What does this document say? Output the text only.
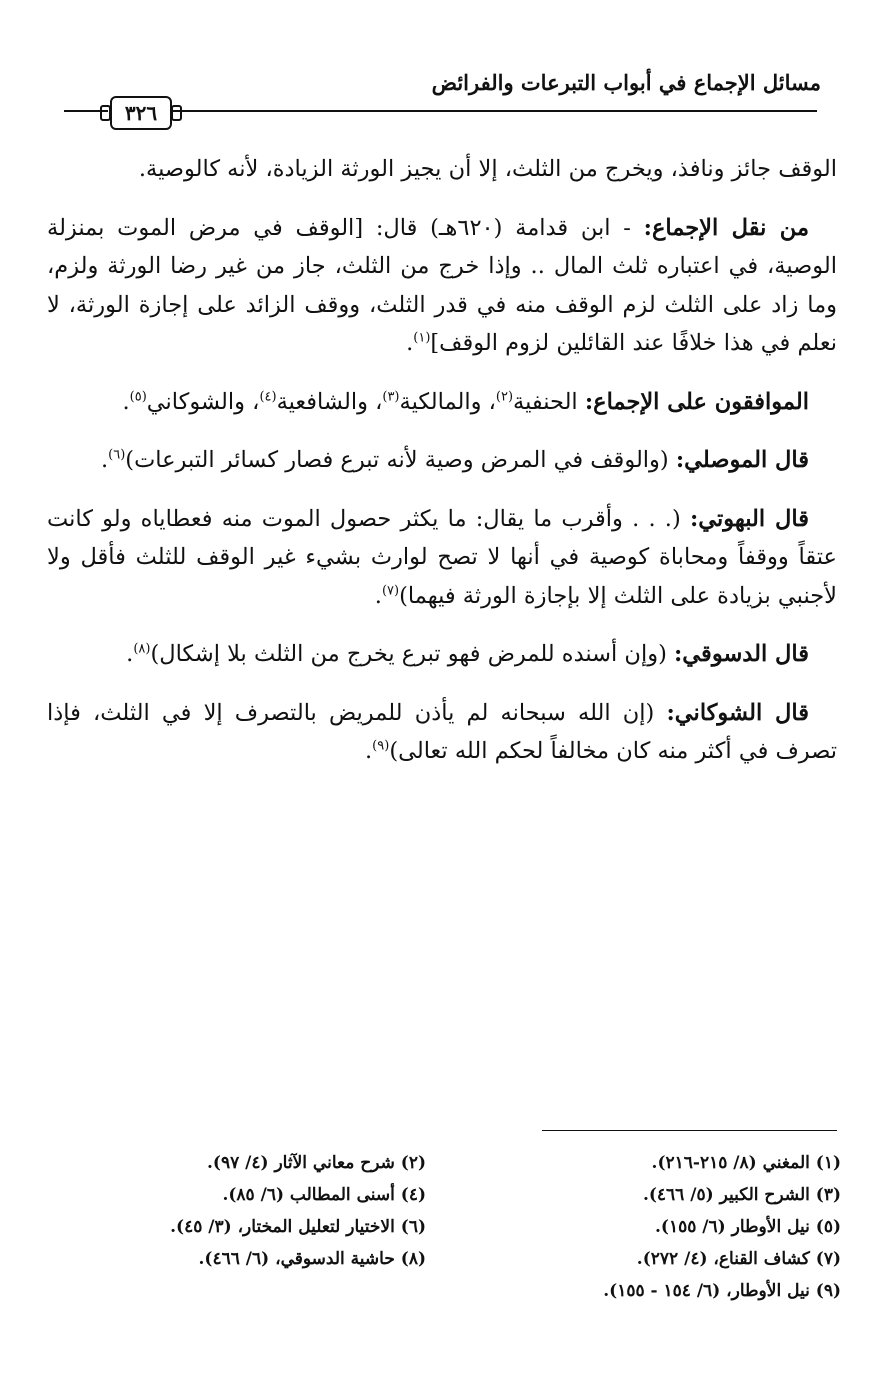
مسائل الإجماع في أبواب التبرعات والفرائض
٣٢٦

الوقف جائز ونافذ، ويخرج من الثلث، إلا أن يجيز الورثة الزيادة، لأنه كالوصية.

من نقل الإجماع: - ابن قدامة (٦٢٠هـ) قال: [الوقف في مرض الموت بمنزلة الوصية، في اعتباره ثلث المال .. وإذا خرج من الثلث، جاز من غير رضا الورثة ولزم، وما زاد على الثلث لزم الوقف منه في قدر الثلث، ووقف الزائد على إجازة الورثة، لا نعلم في هذا خلافًا عند القائلين لزوم الوقف]$^{(١)}$.

الموافقون على الإجماع: الحنفية$^{(٢)}$، والمالكية$^{(٣)}$، والشافعية$^{(٤)}$، والشوكاني$^{(٥)}$.

قال الموصلي: (والوقف في المرض وصية لأنه تبرع فصار كسائر التبرعات)$^{(٦)}$.

قال البهوتي: (. . . وأقرب ما يقال: ما يكثر حصول الموت منه فعطاياه ولو كانت عتقاً ووقفاً ومحاباة كوصية في أنها لا تصح لوارث بشيء غير الوقف للثلث فأقل ولا لأجنبي بزيادة على الثلث إلا بإجازة الورثة فيهما)$^{(٧)}$.

قال الدسوقي: (وإن أسنده للمرض فهو تبرع يخرج من الثلث بلا إشكال)$^{(٨)}$.

قال الشوكاني: (إن الله سبحانه لم يأذن للمريض بالتصرف إلا في الثلث، فإذا تصرف في أكثر منه كان مخالفاً لحكم الله تعالى)$^{(٩)}$.

(١) المغني (٨/ ٢١٥-٢١٦).
(٢) شرح معاني الآثار (٤/ ٩٧).
(٣) الشرح الكبير (٥/ ٤٦٦).
(٤) أسنى المطالب (٦/ ٨٥).
(٥) نيل الأوطار (٦/ ١٥٥).
(٦) الاختيار لتعليل المختار، (٣/ ٤٥).
(٧) كشاف القناع، (٤/ ٢٧٢).
(٨) حاشية الدسوقي، (٦/ ٤٦٦).
(٩) نيل الأوطار، (٦/ ١٥٤ - ١٥٥).
